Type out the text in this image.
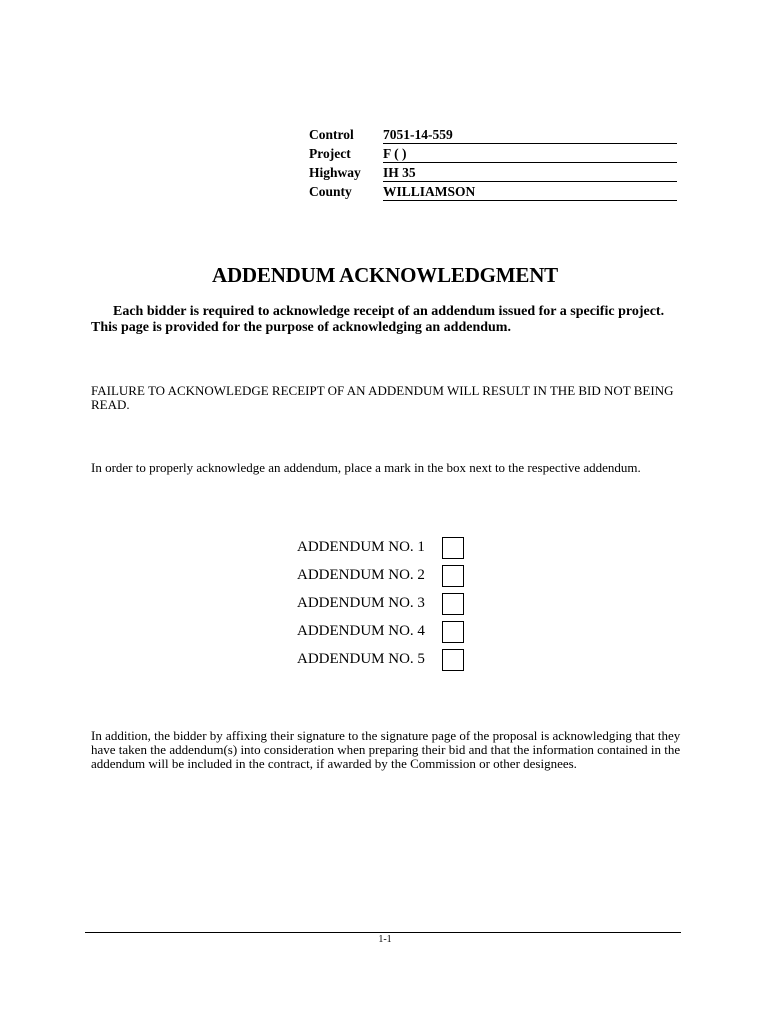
Control 7051-14-559
Project F ( )
Highway IH 35
County WILLIAMSON
ADDENDUM ACKNOWLEDGMENT
Each bidder is required to acknowledge receipt of an addendum issued for a specific project. This page is provided for the purpose of acknowledging an addendum.
FAILURE TO ACKNOWLEDGE RECEIPT OF AN ADDENDUM WILL RESULT IN THE BID NOT BEING READ.
In order to properly acknowledge an addendum, place a mark in the box next to the respective addendum.
ADDENDUM NO. 1
ADDENDUM NO. 2
ADDENDUM NO. 3
ADDENDUM NO. 4
ADDENDUM NO. 5
In addition, the bidder by affixing their signature to the signature page of the proposal is acknowledging that they have taken the addendum(s) into consideration when preparing their bid and that the information contained in the addendum will be included in the contract, if awarded by the Commission or other designees.
1-1
